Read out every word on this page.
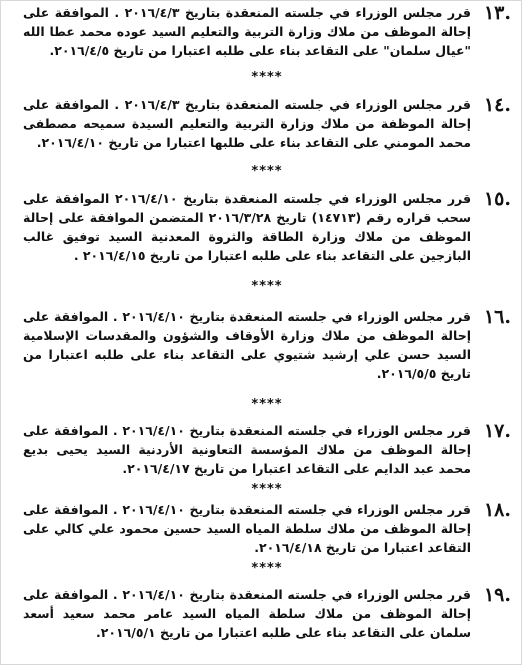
١٣.

قرر مجلس الوزراء في جلسته المنعقدة بتاريخ ٢٠١٦/٤/٣ . الموافقة على إحالة الموظف من ملاك وزارة التربية والتعليم السيد عوده محمد عطا الله "عيال سلمان" على التقاعد بناء على طلبه اعتبارا من تاريخ ٢٠١٦/٤/٥.

****

١٤.

قرر مجلس الوزراء في جلسته المنعقدة بتاريخ ٢٠١٦/٤/٣ . الموافقة على إحالة الموظفة من ملاك وزارة التربية والتعليم السيدة سميحه مصطفى محمد المومني على التقاعد بناء على طلبها اعتبارا من تاريخ ٢٠١٦/٤/١٠.

****

١٥.

قرر مجلس الوزراء في جلسته المنعقدة بتاريخ ٢٠١٦/٤/١٠ الموافقة على سحب قراره رقم (١٤٧١٣) تاريخ ٢٠١٦/٣/٢٨ المتضمن الموافقة على إحالة الموظف من ملاك وزارة الطاقة والثروة المعدنية السيد توفيق غالب البازجين على التقاعد بناء على طلبه اعتبارا من تاريخ ٢٠١٦/٤/١٥ .

****

١٦.

قرر مجلس الوزراء في جلسته المنعقدة بتاريخ ٢٠١٦/٤/١٠ . الموافقة على إحالة الموظف من ملاك وزارة الأوقاف والشؤون والمقدسات الإسلامية السيد حسن علي إرشيد شتيوي على التقاعد بناء على طلبه اعتبارا من تاريخ ٢٠١٦/٥/٥.

****

١٧.

قرر مجلس الوزراء في جلسته المنعقدة بتاريخ ٢٠١٦/٤/١٠ . الموافقة على إحالة الموظف من ملاك المؤسسة التعاونية الأردنية السيد يحيى بديع محمد عبد الدايم على التقاعد اعتبارا من تاريخ ٢٠١٦/٤/١٧.

****

١٨.

قرر مجلس الوزراء في جلسته المنعقدة بتاريخ ٢٠١٦/٤/١٠ . الموافقة على إحالة الموظف من ملاك سلطة المياه السيد حسين محمود علي كالي على التقاعد اعتبارا من تاريخ ٢٠١٦/٤/١٨.

****

١٩.

قرر مجلس الوزراء في جلسته المنعقدة بتاريخ ٢٠١٦/٤/١٠ . الموافقة على إحالة الموظف من ملاك سلطة المياه السيد عامر محمد سعيد أسعد سلمان على التقاعد بناء على طلبه اعتبارا من تاريخ ٢٠١٦/٥/١.
